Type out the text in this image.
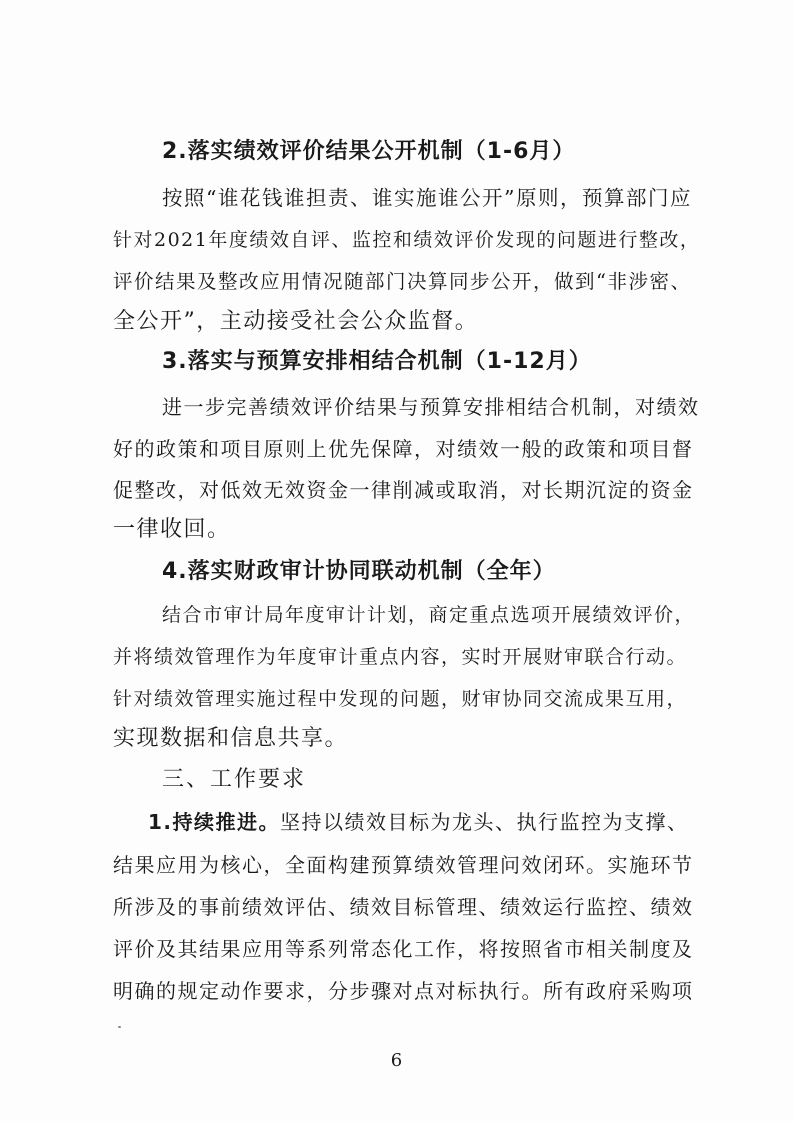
2.落实绩效评价结果公开机制（1-6月）
按照“谁花钱谁担责、谁实施谁公开”原则，预算部门应
针对2021年度绩效自评、监控和绩效评价发现的问题进行整改，
评价结果及整改应用情况随部门决算同步公开，做到“非涉密、
全公开”，主动接受社会公众监督。
3.落实与预算安排相结合机制（1-12月）
进一步完善绩效评价结果与预算安排相结合机制，对绩效
好的政策和项目原则上优先保障，对绩效一般的政策和项目督
促整改，对低效无效资金一律削减或取消，对长期沉淀的资金
一律收回。
4.落实财政审计协同联动机制（全年）
结合市审计局年度审计计划，商定重点选项开展绩效评价，
并将绩效管理作为年度审计重点内容，实时开展财审联合行动。
针对绩效管理实施过程中发现的问题，财审协同交流成果互用，
实现数据和信息共享。
三、工作要求
1.持续推进。坚持以绩效目标为龙头、执行监控为支撑、
结果应用为核心，全面构建预算绩效管理问效闭环。实施环节
所涉及的事前绩效评估、绩效目标管理、绩效运行监控、绩效
评价及其结果应用等系列常态化工作，将按照省市相关制度及
明确的规定动作要求，分步骤对点对标执行。所有政府采购项
6
